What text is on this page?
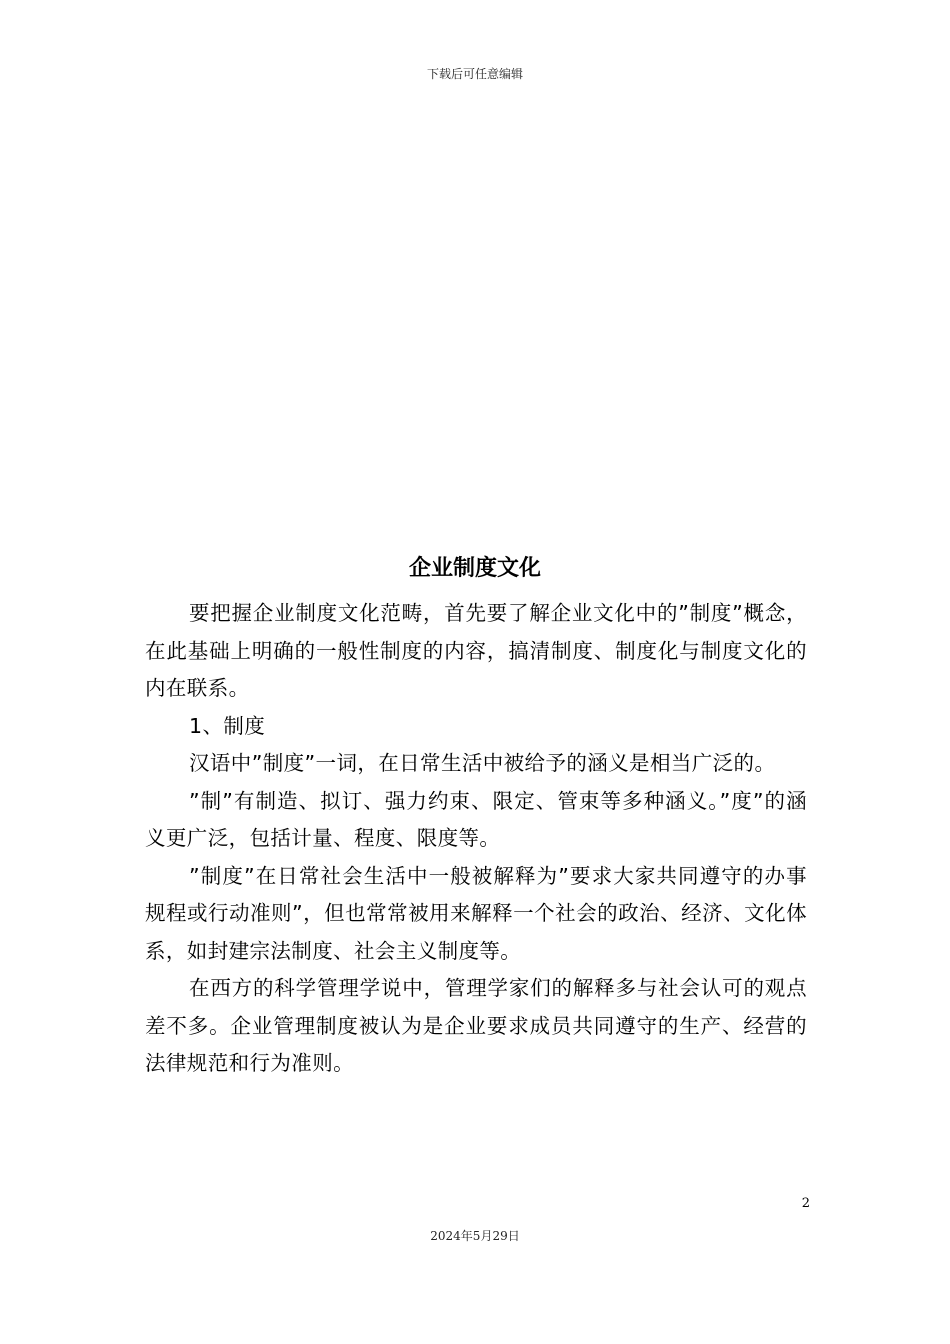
下载后可任意编辑
企业制度文化

要把握企业制度文化范畴，首先要了解企业文化中的”制度”概念，在此基础上明确的一般性制度的内容，搞清制度、制度化与制度文化的内在联系。

1、制度

汉语中”制度”一词，在日常生活中被给予的涵义是相当广泛的。

”制”有制造、拟订、强力约束、限定、管束等多种涵义。”度”的涵义更广泛，包括计量、程度、限度等。

”制度”在日常社会生活中一般被解释为”要求大家共同遵守的办事规程或行动准则”，但也常常被用来解释一个社会的政治、经济、文化体系，如封建宗法制度、社会主义制度等。

在西方的科学管理学说中，管理学家们的解释多与社会认可的观点差不多。企业管理制度被认为是企业要求成员共同遵守的生产、经营的法律规范和行为准则。

2
2024年5月29日
